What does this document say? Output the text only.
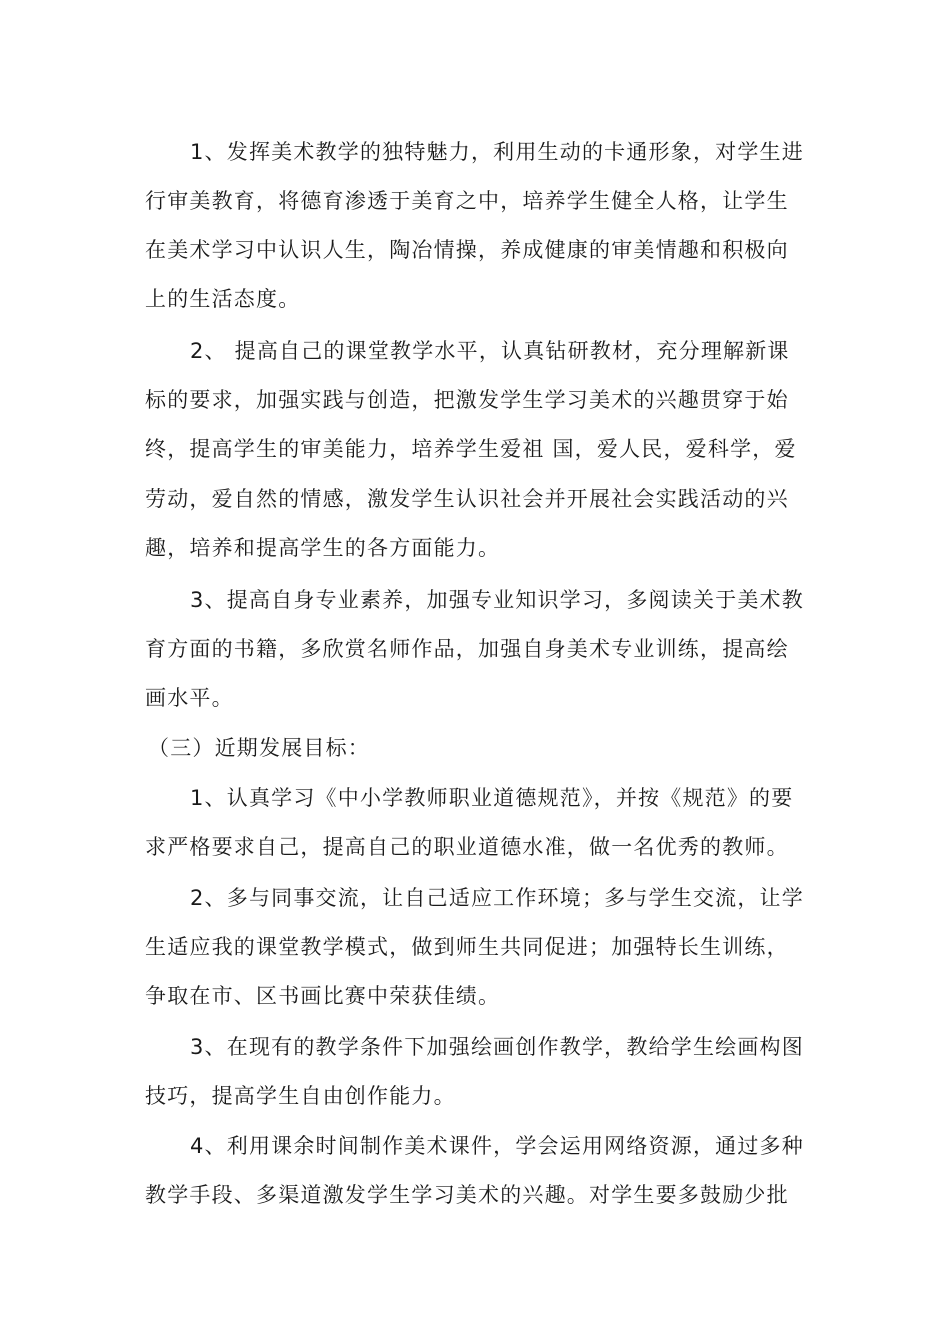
1、发挥美术教学的独特魅力，利用生动的卡通形象，对学生进
行审美教育，将德育渗透于美育之中，培养学生健全人格，让学生
在美术学习中认识人生，陶冶情操，养成健康的审美情趣和积极向
上的生活态度。
2、 提高自己的课堂教学水平，认真钻研教材，充分理解新课
标的要求，加强实践与创造，把激发学生学习美术的兴趣贯穿于始
终，提高学生的审美能力，培养学生爱祖 国，爱人民，爱科学，爱
劳动，爱自然的情感，激发学生认识社会并开展社会实践活动的兴
趣，培养和提高学生的各方面能力。
3、提高自身专业素养，加强专业知识学习，多阅读关于美术教
育方面的书籍，多欣赏名师作品，加强自身美术专业训练，提高绘
画水平。
（三）近期发展目标：
1、认真学习《中小学教师职业道德规范》，并按《规范》的要
求严格要求自己，提高自己的职业道德水准，做一名优秀的教师。
2、多与同事交流，让自己适应工作环境；多与学生交流，让学
生适应我的课堂教学模式，做到师生共同促进；加强特长生训练，
争取在市、区书画比赛中荣获佳绩。
3、在现有的教学条件下加强绘画创作教学，教给学生绘画构图
技巧，提高学生自由创作能力。
4、利用课余时间制作美术课件，学会运用网络资源，通过多种
教学手段、多渠道激发学生学习美术的兴趣。对学生要多鼓励少批
